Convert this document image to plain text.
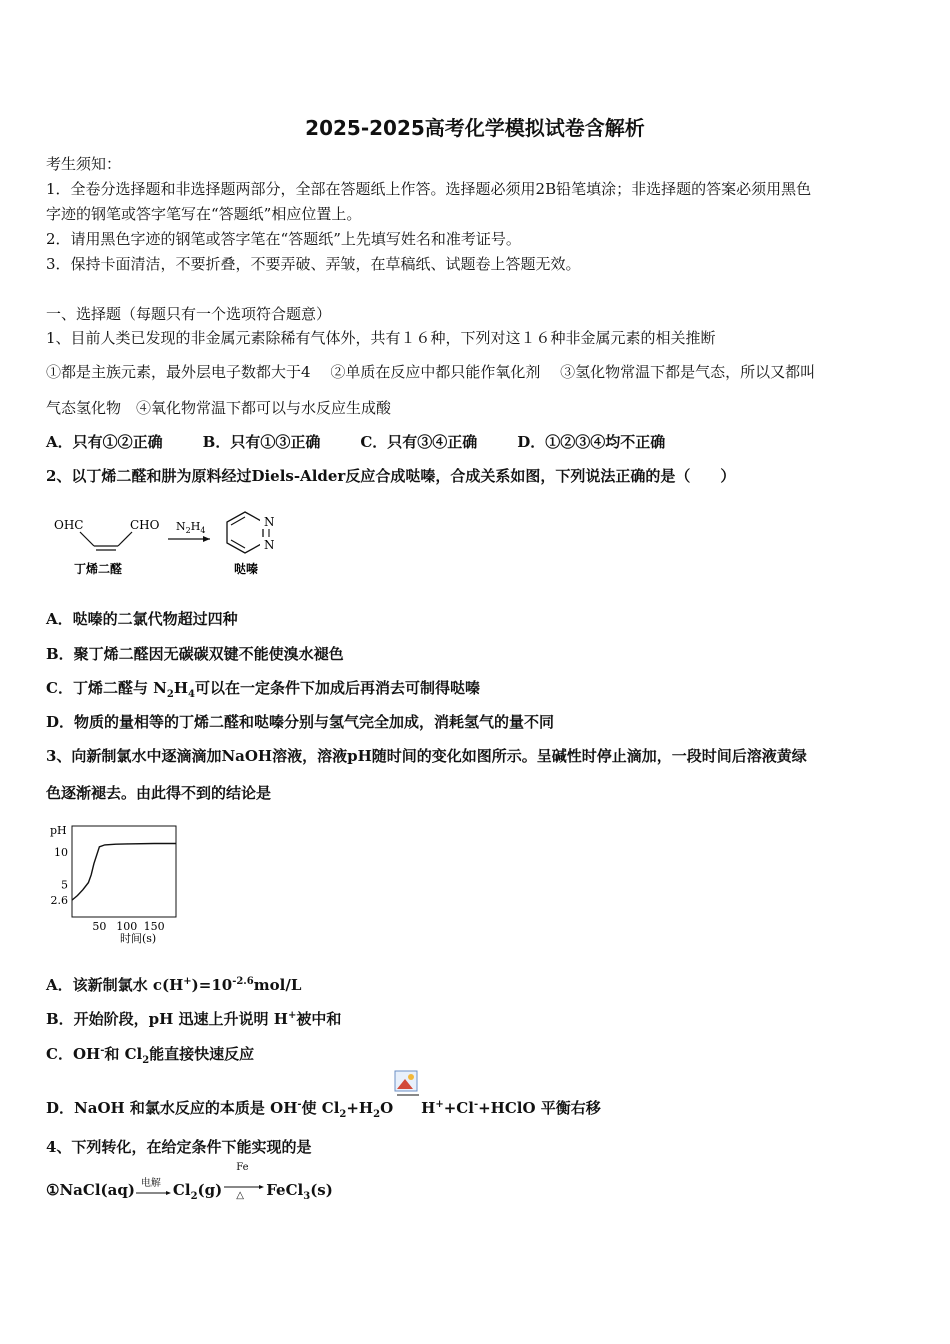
2025-2025高考化学模拟试卷含解析
考生须知：
1．全卷分选择题和非选择题两部分，全部在答题纸上作答。选择题必须用2B铅笔填涂；非选择题的答案必须用黑色
字迹的钢笔或答字笔写在“答题纸”相应位置上。
2．请用黑色字迹的钢笔或答字笔在“答题纸”上先填写姓名和准考证号。
3．保持卡面清洁，不要折叠，不要弄破、弄皱，在草稿纸、试题卷上答题无效。
一、选择题（每题只有一个选项符合题意）
1、目前人类已发现的非金属元素除稀有气体外，共有１６种，下列对这１６种非金属元素的相关推断
①都是主族元素，最外层电子数都大于4　 ②单质在反应中都只能作氧化剂　 ③氢化物常温下都是气态，所以又都叫
气态氢化物　④氧化物常温下都可以与水反应生成酸
A．只有①②正确	B．只有①③正确	C．只有③④正确	D．①②③④均不正确
2、以丁烯二醛和肼为原料经过Diels-Alder反应合成哒嗪，合成关系如图，下列说法正确的是（　　）
OHC	CHO $N_2H_4$
N
N
丁烯二醛	哒嗪
A．哒嗪的二氯代物超过四种
B．聚丁烯二醛因无碳碳双键不能使溴水褪色
C．丁烯二醛与 $N_2H_4$可以在一定条件下加成后再消去可制得哒嗪
D．物质的量相等的丁烯二醛和哒嗪分别与氢气完全加成，消耗氢气的量不同
3、向新制氯水中逐滴滴加NaOH溶液，溶液pH随时间的变化如图所示。呈碱性时停止滴加，一段时间后溶液黄绿
色逐渐褪去。由此得不到的结论是
pH
时间(s)
10
5
2.6
50 100 150
A．该新制氯水 $c(H^+)=10^{-2.6}mol/L$
B．开始阶段，pH 迅速上升说明 H+被中和
C．OH-和 $Cl_2$能直接快速反应
D．NaOH 和氯水反应的本质是 OH-使 $Cl_2+H_2O$ H++Cl-+HClO 平衡右移
4、下列转化，在给定条件下能实现的是
①NaCl(aq) 电解 $Cl_2(g)$
Fe
△ FeCl$_3$(s)
